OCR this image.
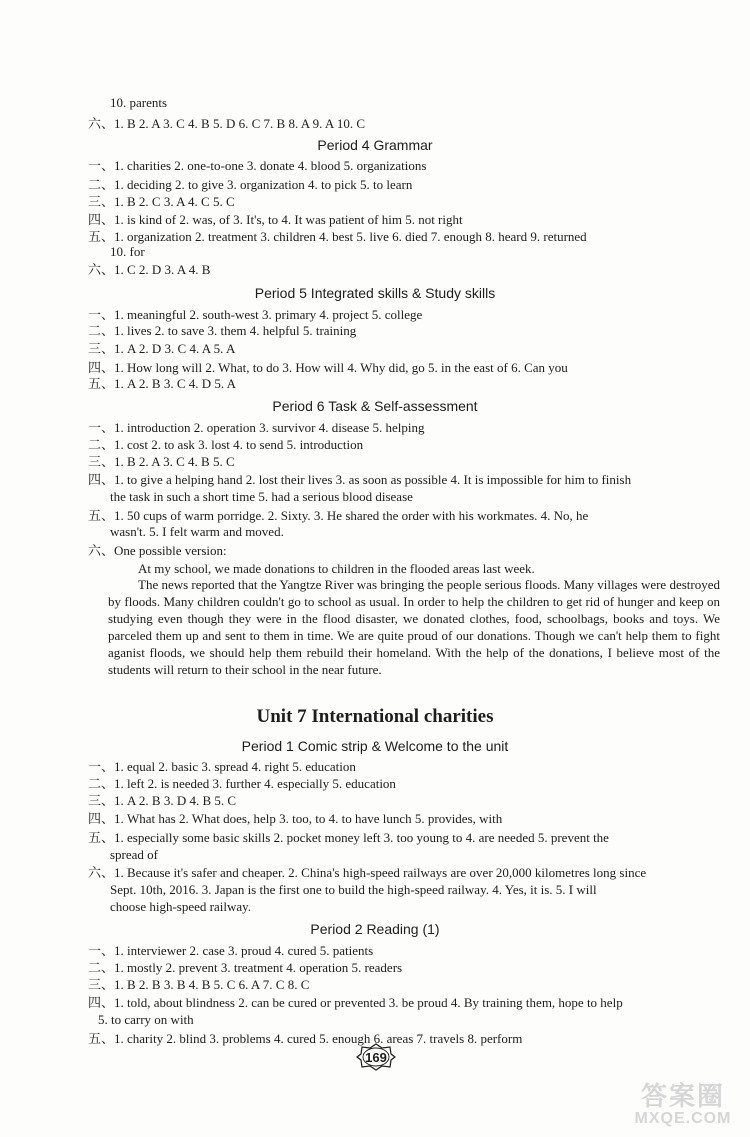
10. parents
六、1. B 2. A 3. C 4. B 5. D 6. C 7. B 8. A 9. A 10. C
Period 4 Grammar
一、1. charities 2. one-to-one 3. donate 4. blood 5. organizations
二、1. deciding 2. to give 3. organization 4. to pick 5. to learn
三、1. B 2. C 3. A 4. C 5. C
四、1. is kind of 2. was, of 3. It's, to 4. It was patient of him 5. not right
五、1. organization 2. treatment 3. children 4. best 5. live 6. died 7. enough 8. heard 9. returned
10. for
六、1. C 2. D 3. A 4. B
Period 5 Integrated skills & Study skills
一、1. meaningful 2. south-west 3. primary 4. project 5. college
二、1. lives 2. to save 3. them 4. helpful 5. training
三、1. A 2. D 3. C 4. A 5. A
四、1. How long will 2. What, to do 3. How will 4. Why did, go 5. in the east of 6. Can you
五、1. A 2. B 3. C 4. D 5. A
Period 6 Task & Self-assessment
一、1. introduction 2. operation 3. survivor 4. disease 5. helping
二、1. cost 2. to ask 3. lost 4. to send 5. introduction
三、1. B 2. A 3. C 4. B 5. C
四、1. to give a helping hand 2. lost their lives 3. as soon as possible 4. It is impossible for him to finish
the task in such a short time 5. had a serious blood disease
五、1. 50 cups of warm porridge. 2. Sixty. 3. He shared the order with his workmates. 4. No, he
wasn't. 5. I felt warm and moved.
六、One possible version:
At my school, we made donations to children in the flooded areas last week.
The news reported that the Yangtze River was bringing the people serious floods. Many villages were destroyed by floods. Many children couldn't go to school as usual. In order to help the children to get rid of hunger and keep on studying even though they were in the flood disaster, we donated clothes, food, schoolbags, books and toys. We parceled them up and sent to them in time. We are quite proud of our donations. Though we can't help them to fight aganist floods, we should help them rebuild their homeland. With the help of the donations, I believe most of the students will return to their school in the near future.
Unit 7 International charities
Period 1 Comic strip & Welcome to the unit
一、1. equal 2. basic 3. spread 4. right 5. education
二、1. left 2. is needed 3. further 4. especially 5. education
三、1. A 2. B 3. D 4. B 5. C
四、1. What has 2. What does, help 3. too, to 4. to have lunch 5. provides, with
五、1. especially some basic skills 2. pocket money left 3. too young to 4. are needed 5. prevent the
spread of
六、1. Because it's safer and cheaper. 2. China's high-speed railways are over 20,000 kilometres long since
Sept. 10th, 2016. 3. Japan is the first one to build the high-speed railway. 4. Yes, it is. 5. I will
choose high-speed railway.
Period 2 Reading (1)
一、1. interviewer 2. case 3. proud 4. cured 5. patients
二、1. mostly 2. prevent 3. treatment 4. operation 5. readers
三、1. B 2. B 3. B 4. B 5. C 6. A 7. C 8. C
四、1. told, about blindness 2. can be cured or prevented 3. be proud 4. By training them, hope to help
5. to carry on with
五、1. charity 2. blind 3. problems 4. cured 5. enough 6. areas 7. travels 8. perform
169
答案圈
MXQE.COM
